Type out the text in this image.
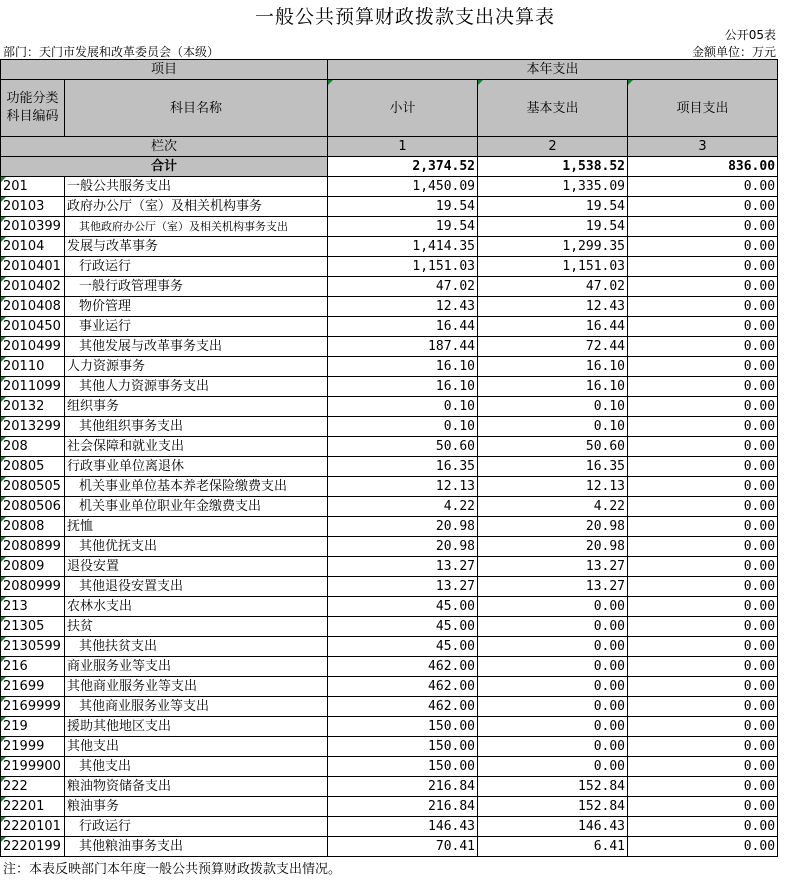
一般公共预算财政拨款支出决算表
公开05表
部门：天门市发展和改革委员会（本级）	金额单位：万元
项目		本年支出		
功能分类科目编码	科目名称	小计	基本支出	项目支出
栏次		1	2	3
合计		2,374.52	1,538.52	836.00
201	一般公共服务支出	1,450.09	1,335.09	0.00
20103	政府办公厅（室）及相关机构事务	19.54	19.54	0.00
2010399	其他政府办公厅（室）及相关机构事务支出	19.54	19.54	0.00
20104	发展与改革事务	1,414.35	1,299.35	0.00
2010401	行政运行	1,151.03	1,151.03	0.00
2010402	一般行政管理事务	47.02	47.02	0.00
2010408	物价管理	12.43	12.43	0.00
2010450	事业运行	16.44	16.44	0.00
2010499	其他发展与改革事务支出	187.44	72.44	0.00
20110	人力资源事务	16.10	16.10	0.00
2011099	其他人力资源事务支出	16.10	16.10	0.00
20132	组织事务	0.10	0.10	0.00
2013299	其他组织事务支出	0.10	0.10	0.00
208	社会保障和就业支出	50.60	50.60	0.00
20805	行政事业单位离退休	16.35	16.35	0.00
2080505	机关事业单位基本养老保险缴费支出	12.13	12.13	0.00
2080506	机关事业单位职业年金缴费支出	4.22	4.22	0.00
20808	抚恤	20.98	20.98	0.00
2080899	其他优抚支出	20.98	20.98	0.00
20809	退役安置	13.27	13.27	0.00
2080999	其他退役安置支出	13.27	13.27	0.00
213	农林水支出	45.00	0.00	0.00
21305	扶贫	45.00	0.00	0.00
2130599	其他扶贫支出	45.00	0.00	0.00
216	商业服务业等支出	462.00	0.00	0.00
21699	其他商业服务业等支出	462.00	0.00	0.00
2169999	其他商业服务业等支出	462.00	0.00	0.00
219	援助其他地区支出	150.00	0.00	0.00
21999	其他支出	150.00	0.00	0.00
2199900	其他支出	150.00	0.00	0.00
222	粮油物资储备支出	216.84	152.84	0.00
22201	粮油事务	216.84	152.84	0.00
2220101	行政运行	146.43	146.43	0.00
2220199	其他粮油事务支出	70.41	6.41	0.00
注：本表反映部门本年度一般公共预算财政拨款支出情况。
